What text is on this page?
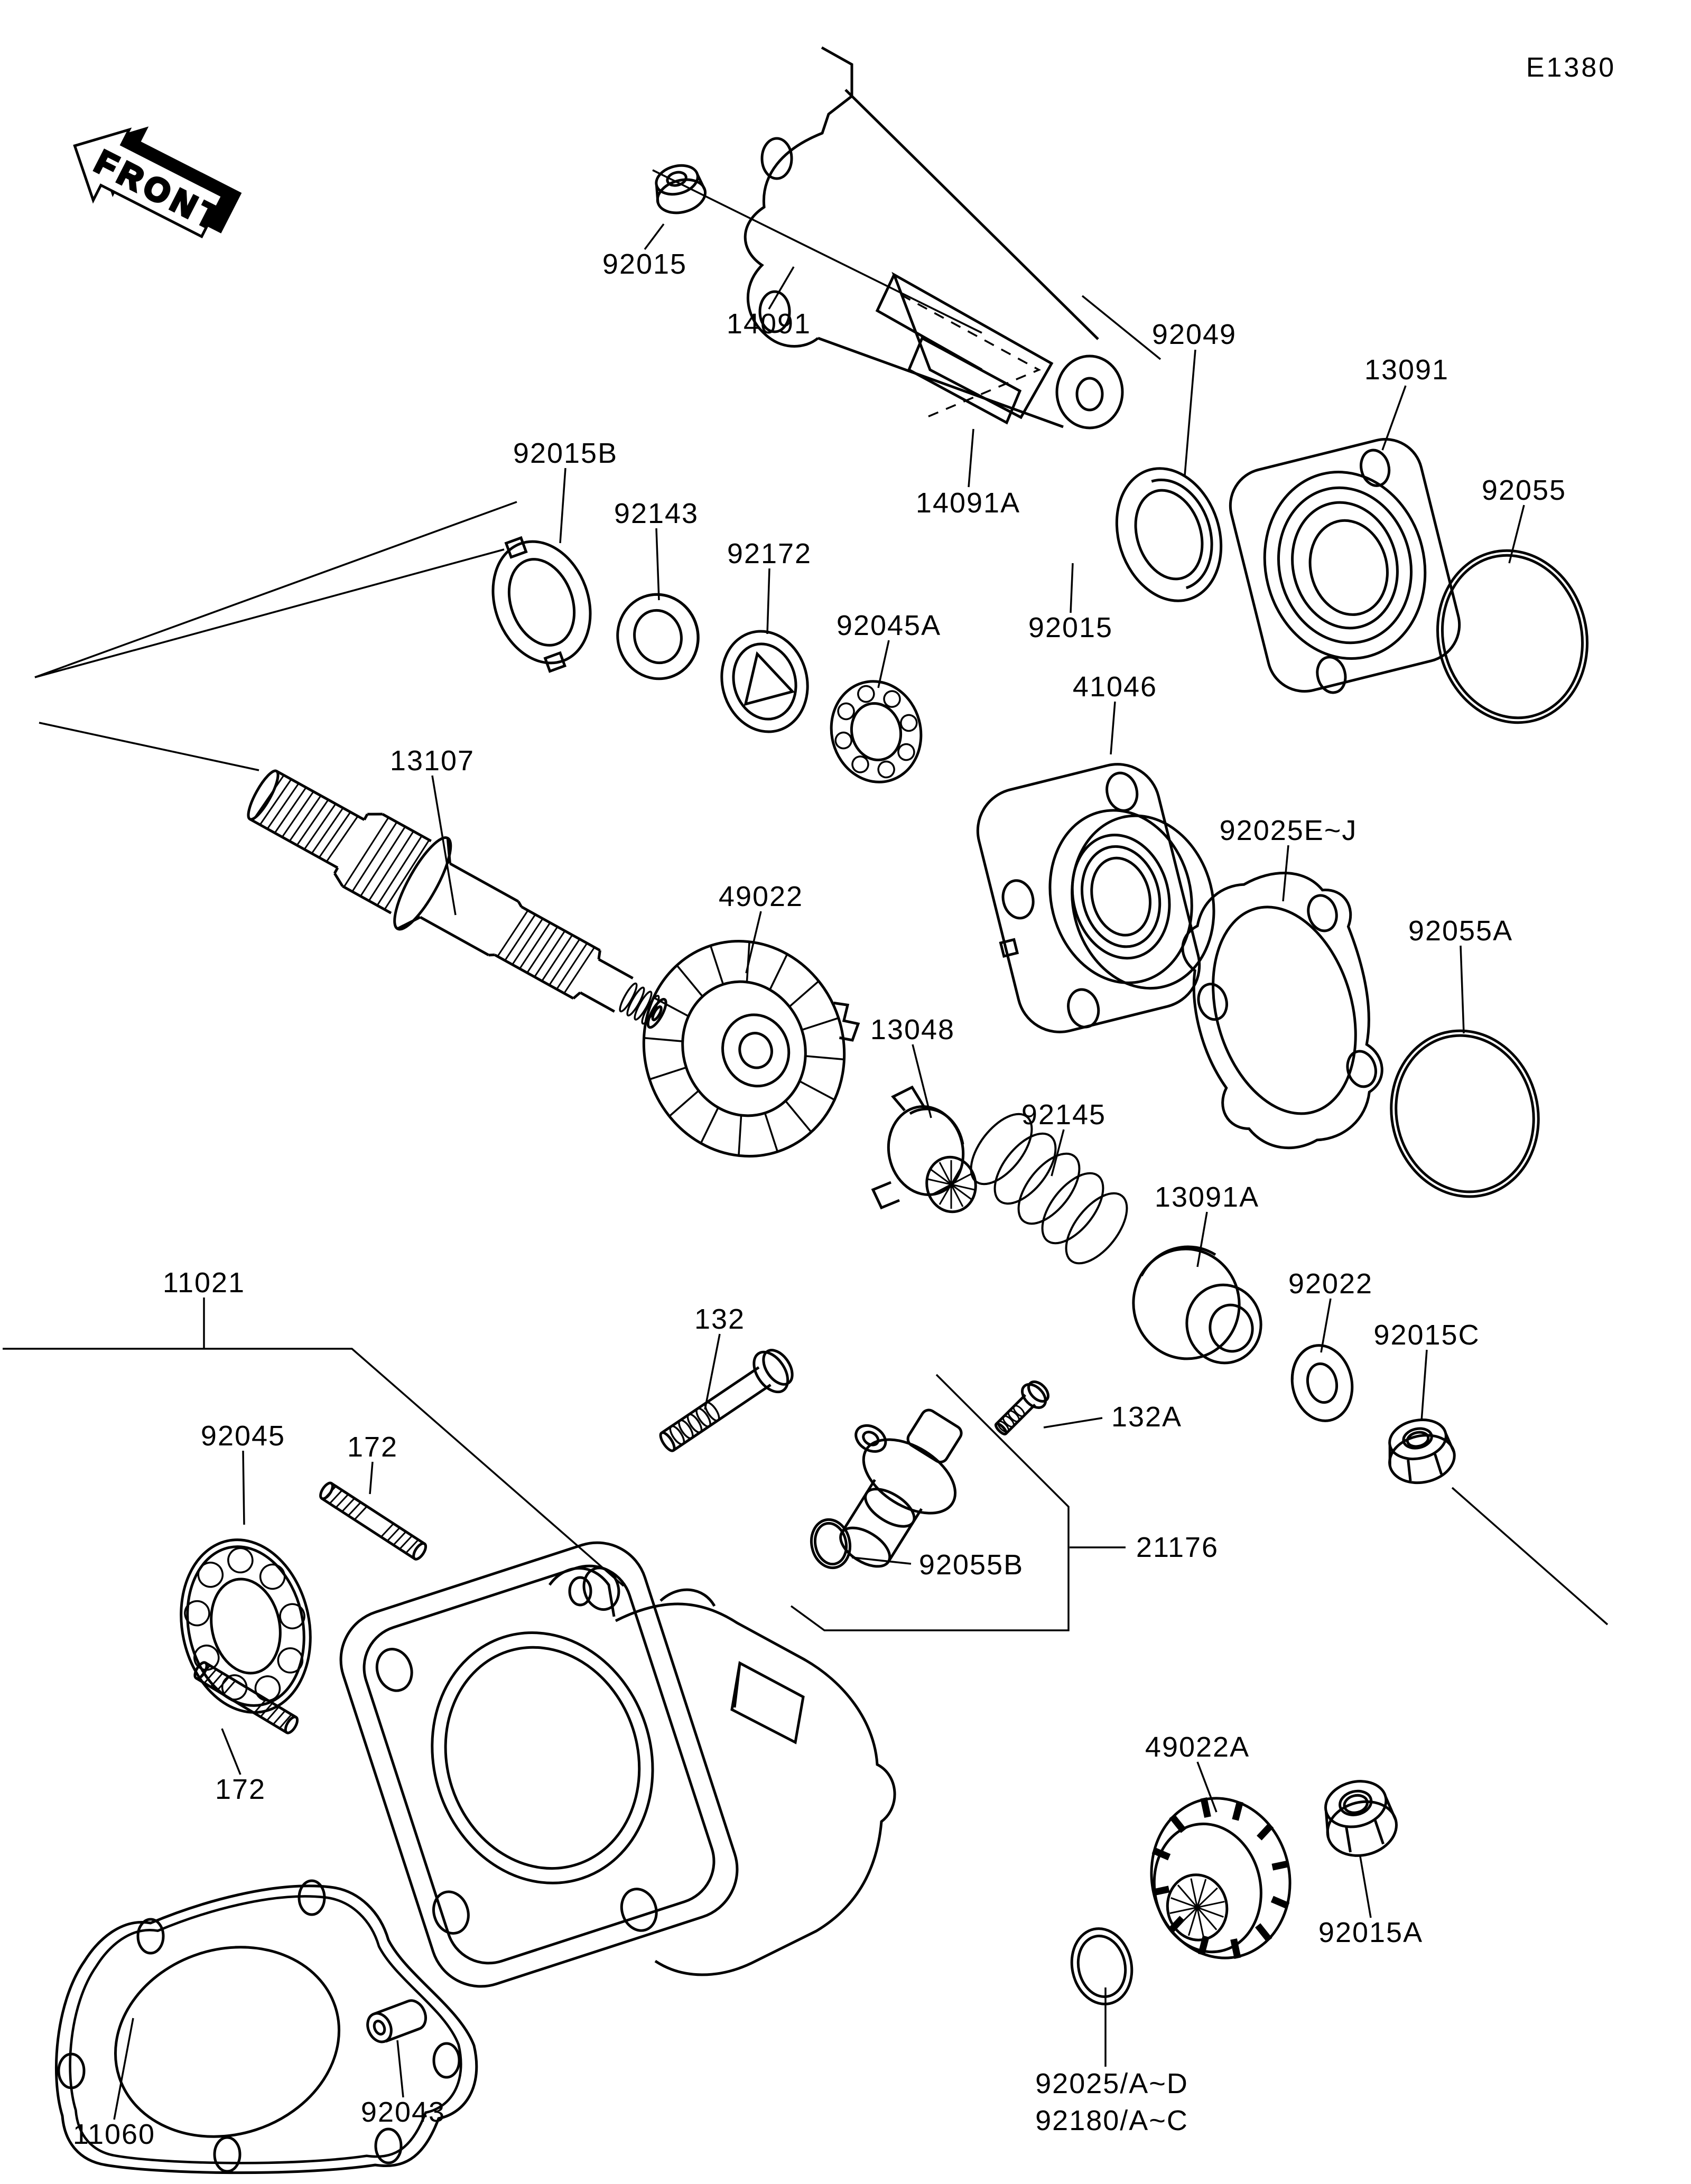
FRONT
E1380
92015
14091	92049
13091
92055
92015B
92143
92172
92045A
14091A
92015
41046
92025E~J
92055A
13107
49022
13048
92145
13091A
92022
92015C
11021
132
92045 172
132A
92055B
21176
172
49022A
92015A
11060
92043
92025/A~D
92180/A~C
